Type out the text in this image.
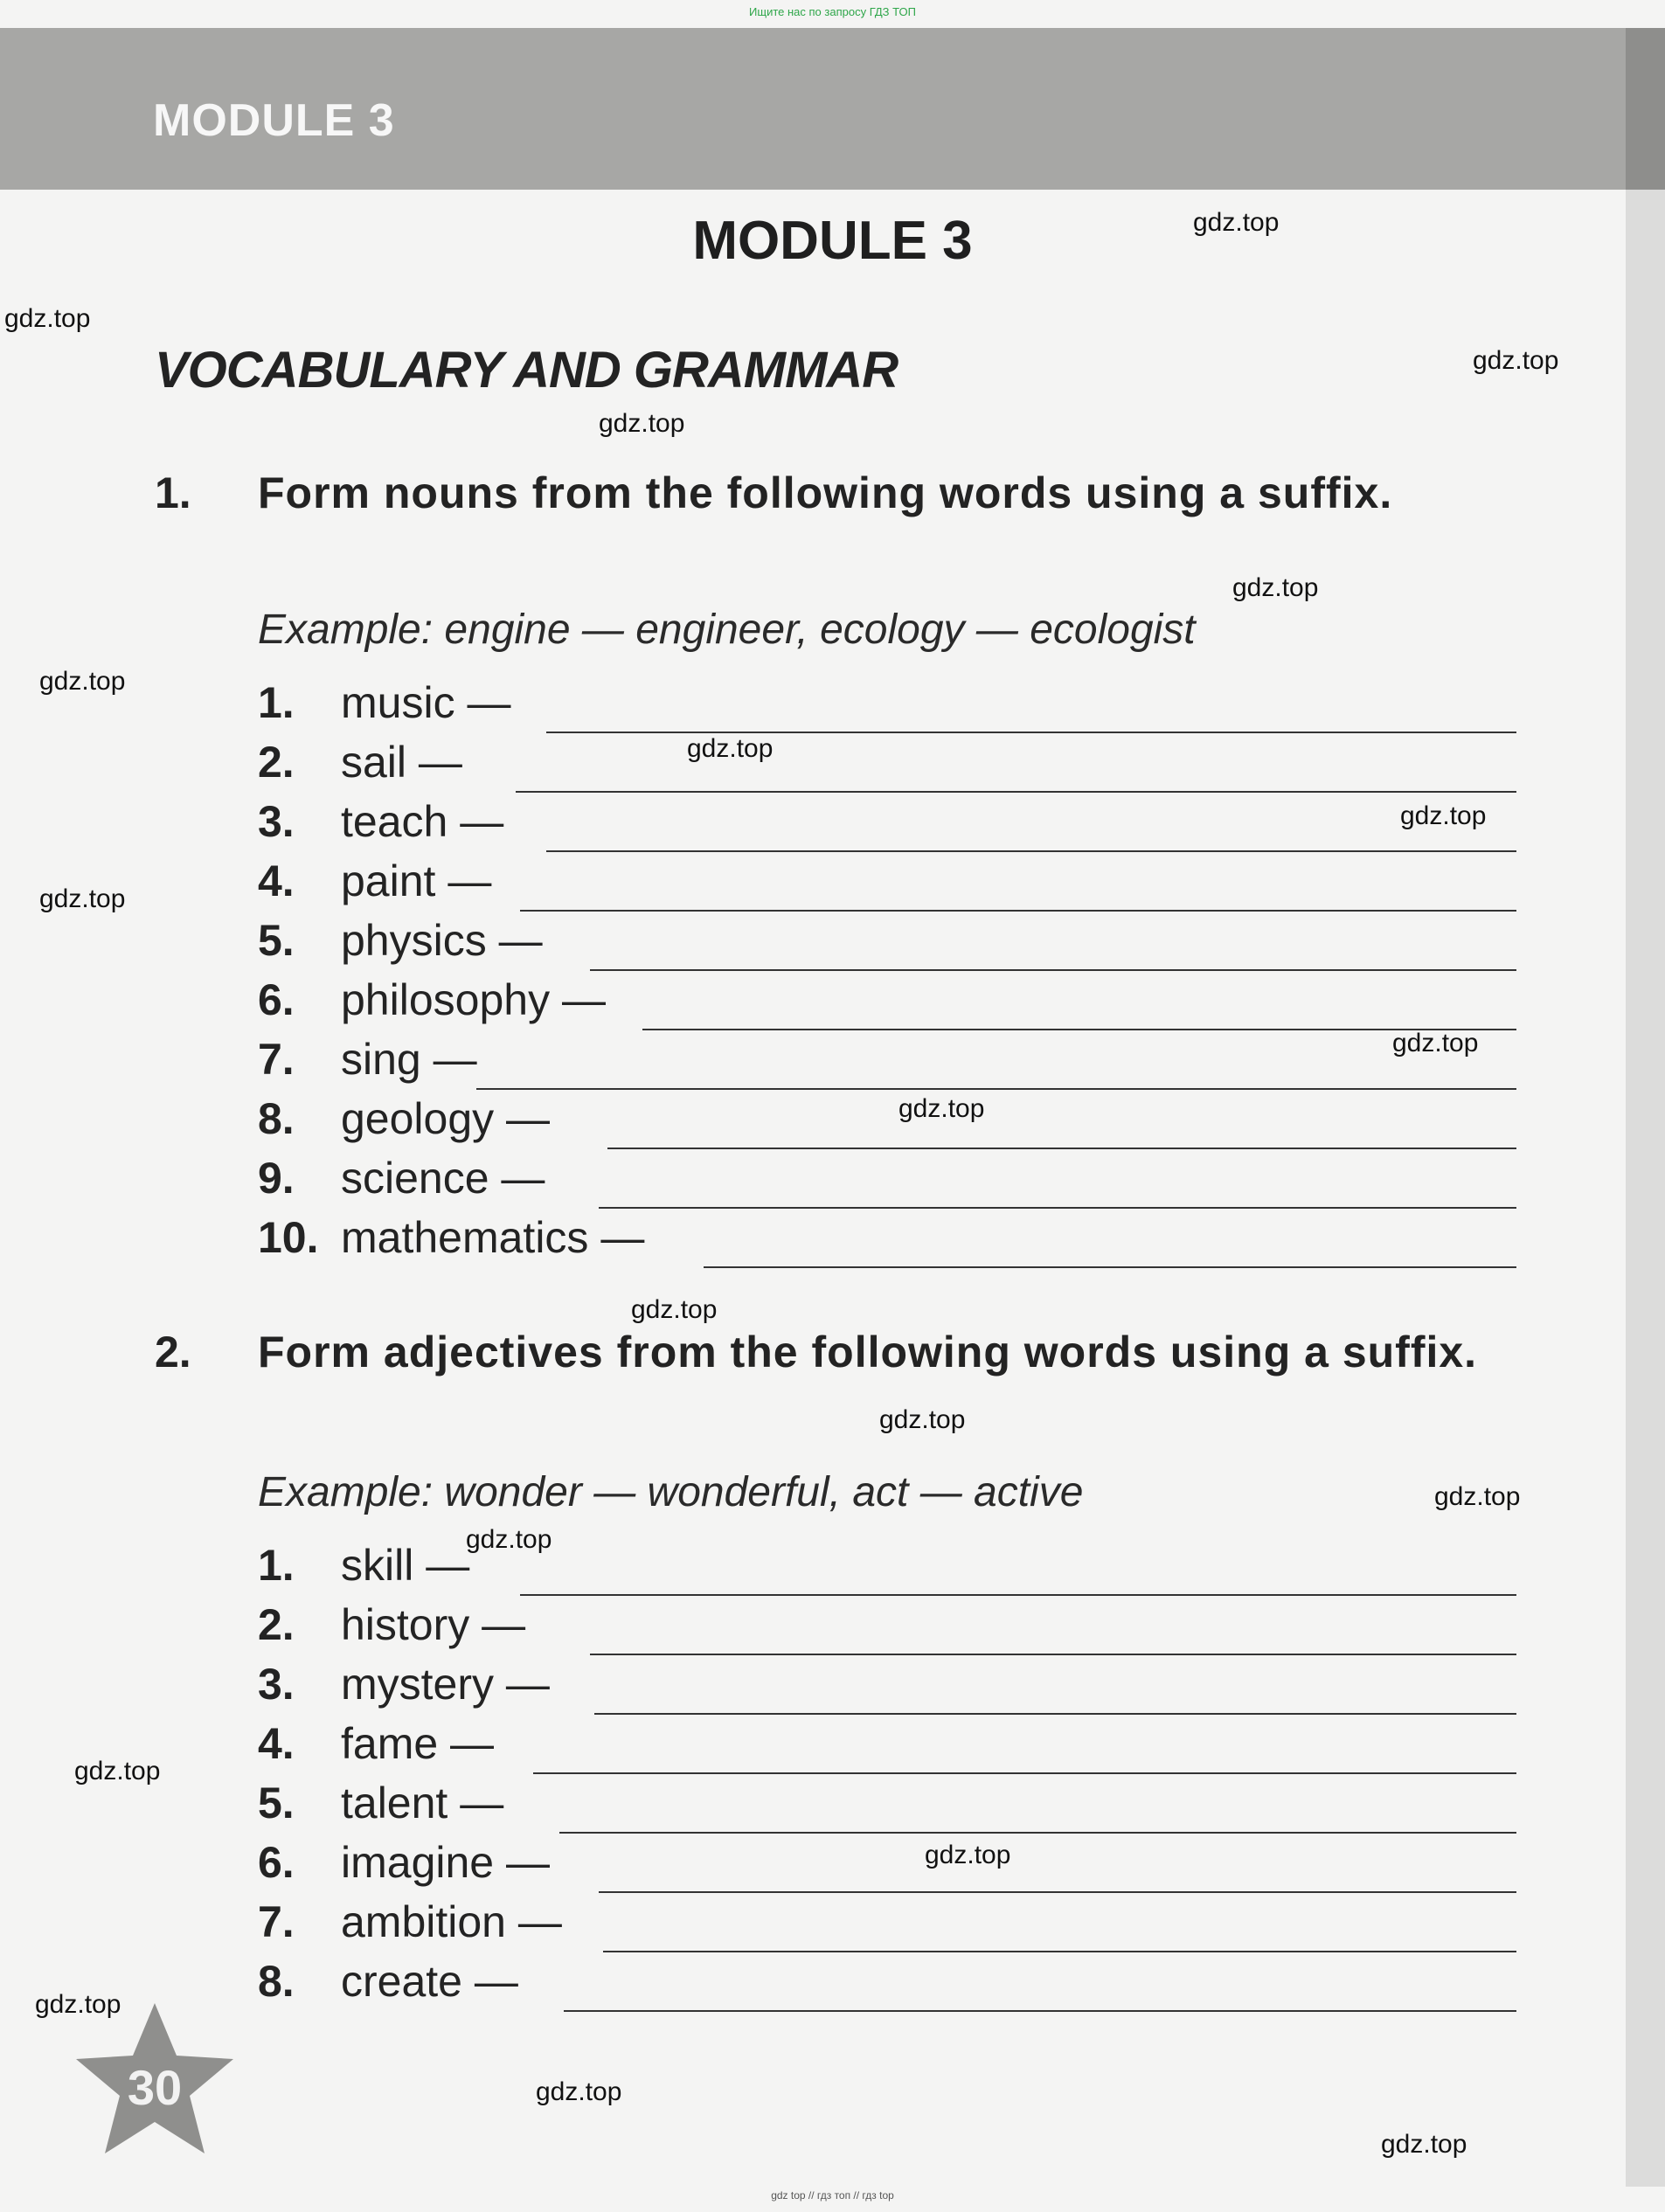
Ищите нас по запросу ГДЗ ТОП
MODULE 3
MODULE 3
VOCABULARY AND GRAMMAR
1. Form nouns from the following words using a suffix.
Example: engine — engineer, ecology — ecologist
1. music —
2. sail —
3. teach —
4. paint —
5. physics —
6. philosophy —
7. sing —
8. geology —
9. science —
10. mathematics —
2. Form adjectives from the following words using a suffix.
Example: wonder — wonderful, act — active
1. skill —
2. history —
3. mystery —
4. fame —
5. talent —
6. imagine —
7. ambition —
8. create —
30
gdz.top
gdz.top
gdz.top
gdz.top
gdz.top
gdz.top
gdz.top
gdz.top
gdz.top
gdz.top
gdz.top
gdz.top
gdz.top
gdz.top
gdz.top
gdz.top
gdz.top
gdz.top
gdz.top
gdz.top
gdz top // гдз топ // гдз top
